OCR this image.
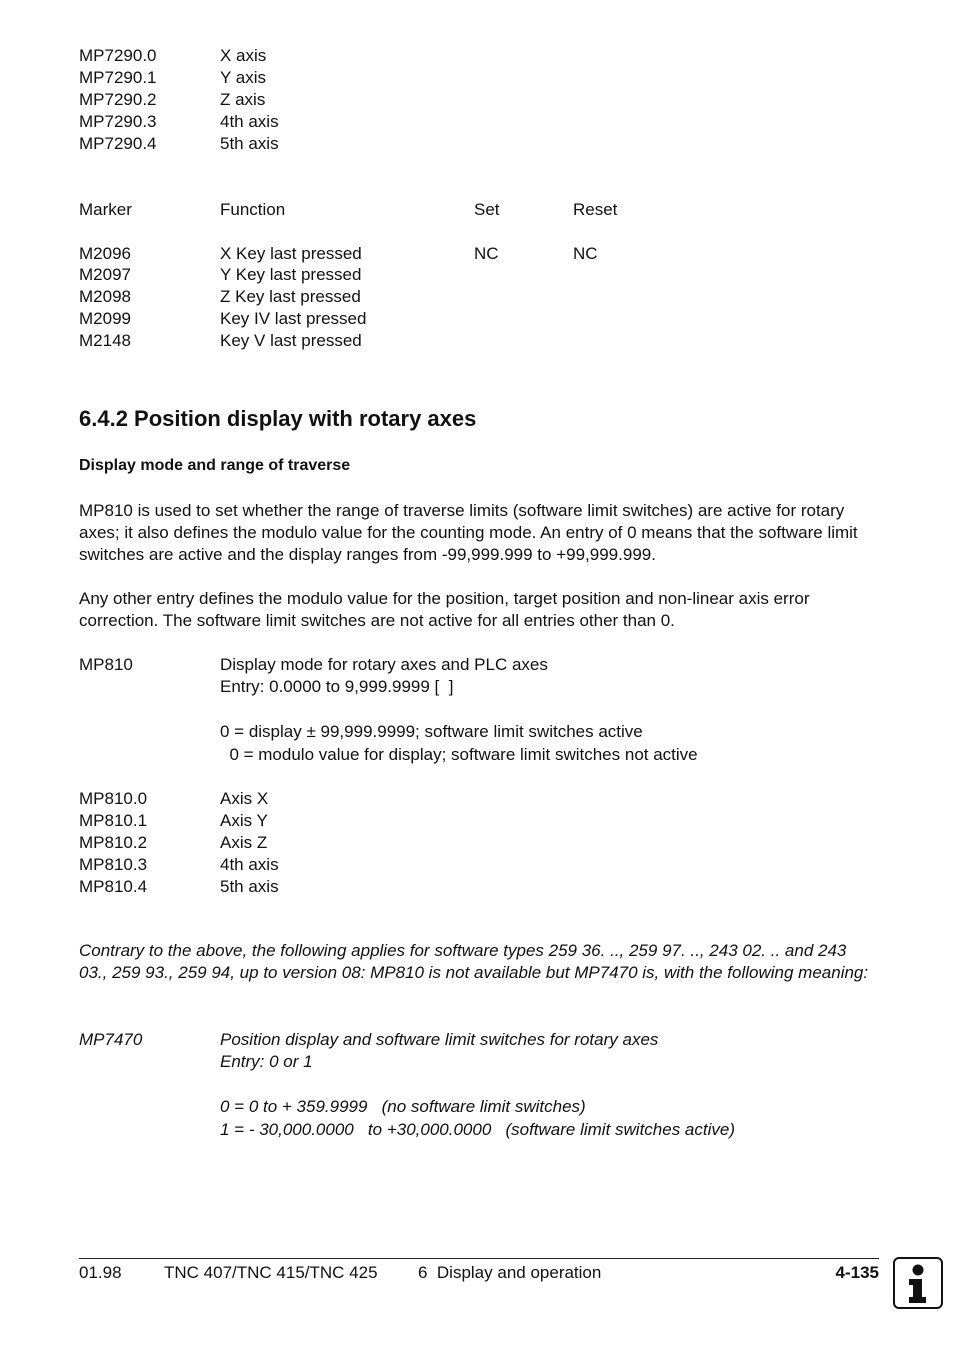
MP7290.0	X axis
MP7290.1	Y axis
MP7290.2	Z axis
MP7290.3	4th axis
MP7290.4	5th axis
Marker	Function	Set	Reset
M2096	X Key last pressed	NC	NC
M2097	Y Key last pressed
M2098	Z Key last pressed
M2099	Key IV last pressed
M2148	Key V last pressed
6.4.2 Position display with rotary axes
Display mode and range of traverse
MP810 is used to set whether the range of traverse limits (software limit switches) are active for rotary axes; it also defines the modulo value for the counting mode. An entry of 0 means that the software limit switches are active and the display ranges from -99,999.999 to +99,999.999.
Any other entry defines the modulo value for the position, target position and non-linear axis error correction. The software limit switches are not active for all entries other than 0.
MP810	Display mode for rotary axes and PLC axes
Entry: 0.0000 to 9,999.9999 [  ]
0 = display ± 99,999.9999; software limit switches active
0 = modulo value for display; software limit switches not active
MP810.0	Axis X
MP810.1	Axis Y
MP810.2	Axis Z
MP810.3	4th axis
MP810.4	5th axis
Contrary to the above, the following applies for software types 259 36. .., 259 97. .., 243 02. .. and 243 03., 259 93., 259 94, up to version 08: MP810 is not available but MP7470 is, with the following meaning:
MP7470	Position display and software limit switches for rotary axes
Entry: 0 or 1
0 = 0 to + 359.9999   (no software limit switches)
1 = - 30,000.0000   to +30,000.0000   (software limit switches active)
01.98 TNC 407/TNC 415/TNC 425 6  Display and operation	4-135
